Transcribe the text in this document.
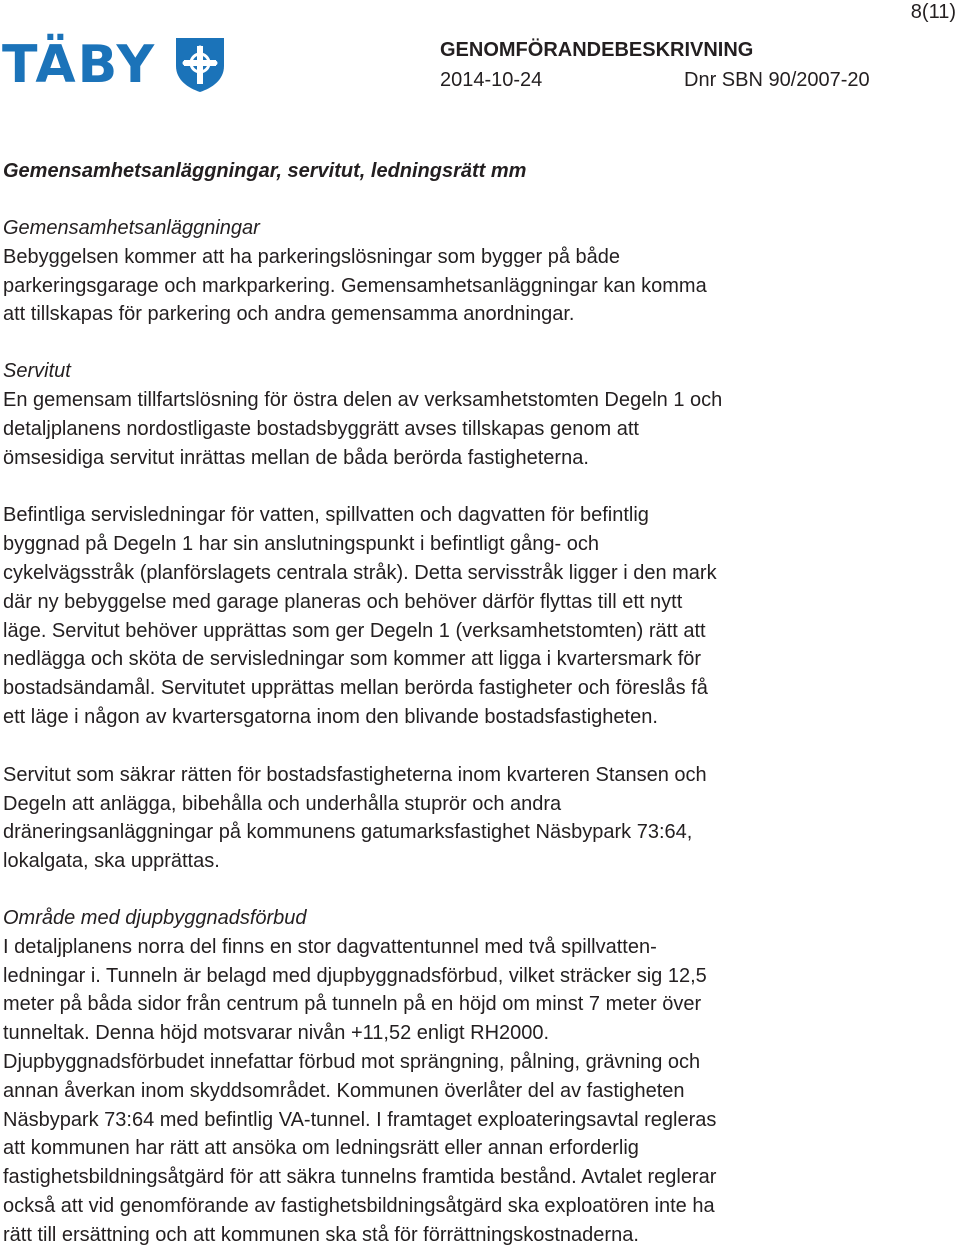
8(11)
TÄBY	GENOMFÖRANDEBESKRIVNING
2014-10-24	Dnr SBN 90/2007-20
Gemensamhetsanläggningar, servitut, ledningsrätt mm

Gemensamhetsanläggningar

Bebyggelsen kommer att ha parkeringslösningar som bygger på både
parkeringsgarage och markparkering. Gemensamhetsanläggningar kan komma
att tillskapas för parkering och andra gemensamma anordningar.

Servitut

En gemensam tillfartslösning för östra delen av verksamhetstomten Degeln 1 och
detaljplanens nordostligaste bostadsbyggrätt avses tillskapas genom att
ömsesidiga servitut inrättas mellan de båda berörda fastigheterna.

Befintliga servisledningar för vatten, spillvatten och dagvatten för befintlig
byggnad på Degeln 1 har sin anslutningspunkt i befintligt gång- och
cykelvägsstråk (planförslagets centrala stråk). Detta servisstråk ligger i den mark
där ny bebyggelse med garage planeras och behöver därför flyttas till ett nytt
läge. Servitut behöver upprättas som ger Degeln 1 (verksamhetstomten) rätt att
nedlägga och sköta de servisledningar som kommer att ligga i kvartersmark för
bostadsändamål. Servitutet upprättas mellan berörda fastigheter och föreslås få
ett läge i någon av kvartersgatorna inom den blivande bostadsfastigheten.

Servitut som säkrar rätten för bostadsfastigheterna inom kvarteren Stansen och
Degeln att anlägga, bibehålla och underhålla stuprör och andra
dräneringsanläggningar på kommunens gatumarksfastighet Näsbypark 73:64,
lokalgata, ska upprättas.

Område med djupbyggnadsförbud

I detaljplanens norra del finns en stor dagvattentunnel med två spillvatten-
ledningar i. Tunneln är belagd med djupbyggnadsförbud, vilket sträcker sig 12,5
meter på båda sidor från centrum på tunneln på en höjd om minst 7 meter över
tunneltak. Denna höjd motsvarar nivån +11,52 enligt RH2000.
Djupbyggnadsförbudet innefattar förbud mot sprängning, pålning, grävning och
annan åverkan inom skyddsområdet. Kommunen överlåter del av fastigheten
Näsbypark 73:64 med befintlig VA-tunnel. I framtaget exploateringsavtal regleras
att kommunen har rätt att ansöka om ledningsrätt eller annan erforderlig
fastighetsbildningsåtgärd för att säkra tunnelns framtida bestånd. Avtalet reglerar
också att vid genomförande av fastighetsbildningsåtgärd ska exploatören inte ha
rätt till ersättning och att kommunen ska stå för förrättningskostnaderna.
